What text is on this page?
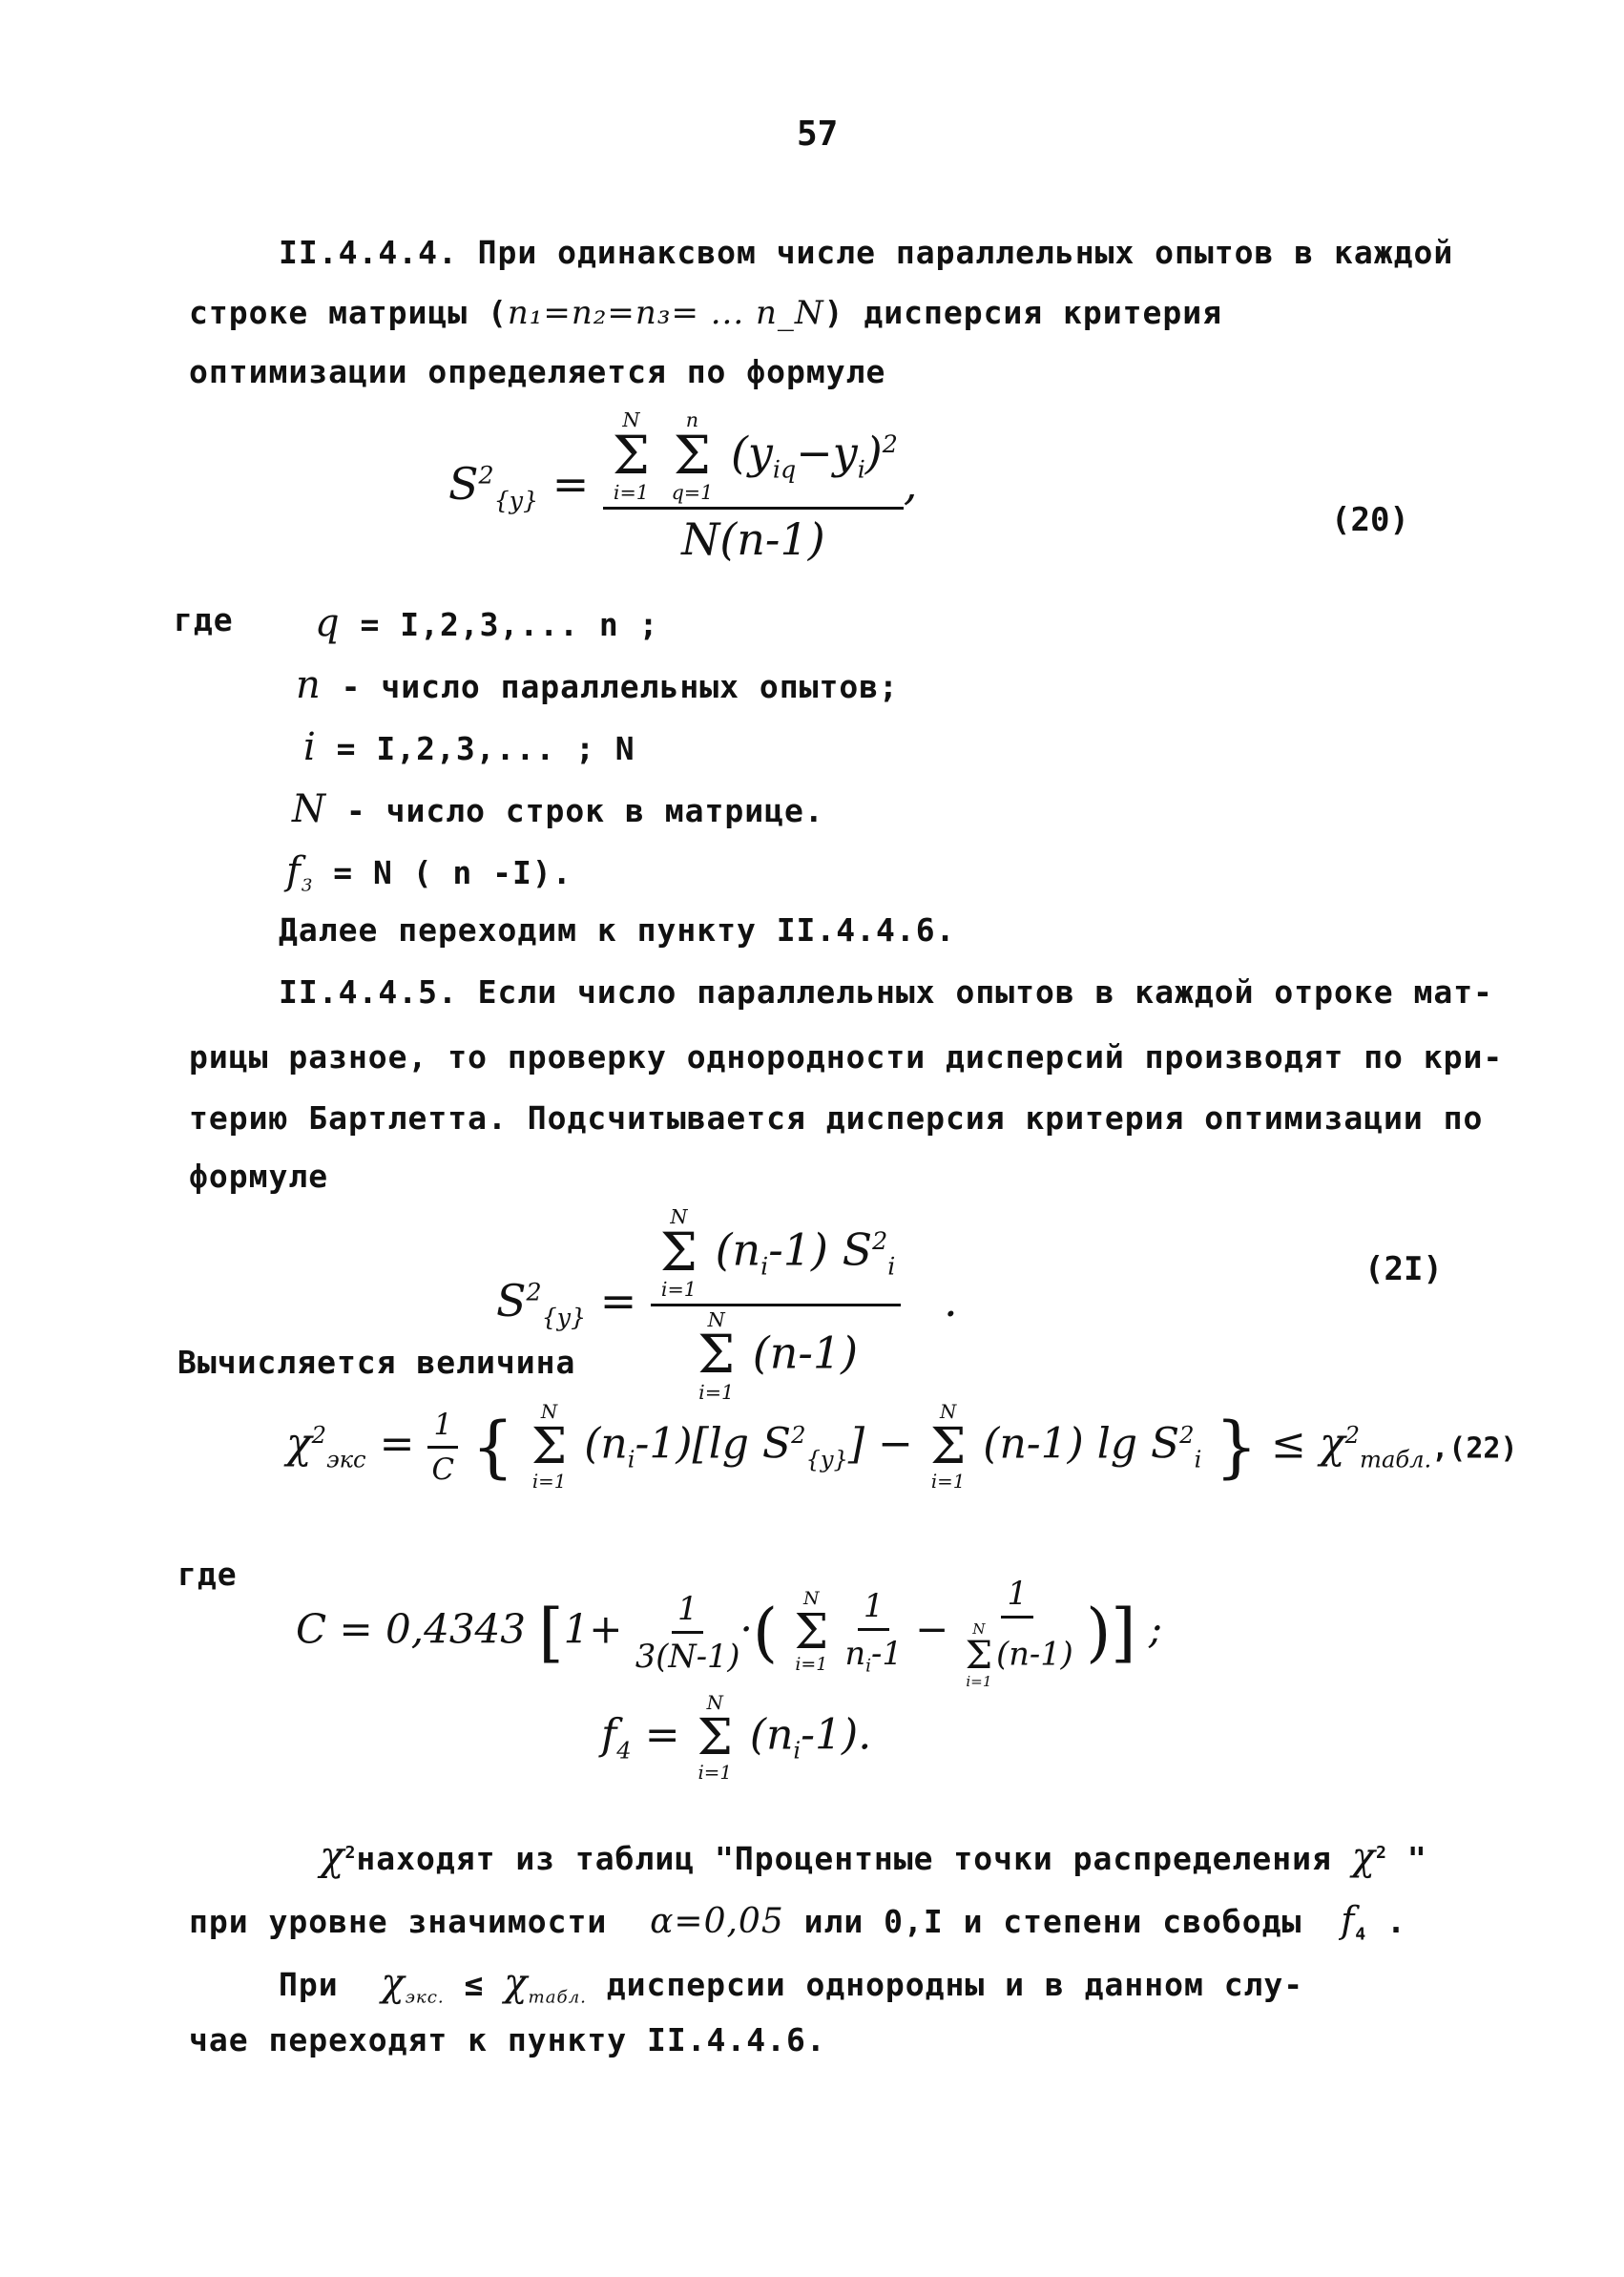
57
II.4.4.4. При одинаксвом числе параллельных опытов в каждой
строке матрицы (n₁=n₂=n₃= ... n_N) дисперсия критерия
оптимизации определяется по формуле
$S^2_{\{y\}} = N$
Σ
i=1

n
Σ
q=1
$(y_{iq}-y_i)^2$
N(n-1) ,
(20)
где q = I,2,3,... n ;
n - число параллельных опытов;
i = I,2,3,... ; N
N - число строк в матрице.
$f_3 = N$ ( n -I).
Далее переходим к пункту II.4.4.6.
II.4.4.5. Если число параллельных опытов в каждой отроке мат-
рицы разное, то проверку однородности дисперсий производят по кри-
терию Бартлетта. Подсчитывается дисперсия критерия оптимизации по
формуле
$S^2_{\{y\}} = N$
Σ
i=1
$(n_i-1)$ $S^2_i$
N
Σ
i=1
(n-1) .
(2I)
Вычисляется величина
$\chi^2_{экс} = \frac{1}{C}$ { N
Σ
i=1
$(n_i-1)[\lg$ $S^2_{\{y\}}$] −
N
Σ
i=1
(n-1) $\lg S^2_i$ } ≤ $\chi^2_{табл.},(22)$
где
C = 0,4343 [$1+ \frac{1}{3(N-1)}$ ·( N
Σ
i=1
$\frac{1}{n_i-1} - 1$
N
Σ
i=1
(n-1) )] ;
$f_4$ =
N
Σ
i=1
$(n_i-1)$.
$\chi^2находят$ из таблиц "Процентные точки распределения $\chi^2$ "
при уровне значимости α=0,05 или 0,I и степени свободы $f_4$ .
При $\chi_{экс.} \le \chi_{табл.}$ дисперсии однородны и в данном слу-
чае переходят к пункту II.4.4.6.
